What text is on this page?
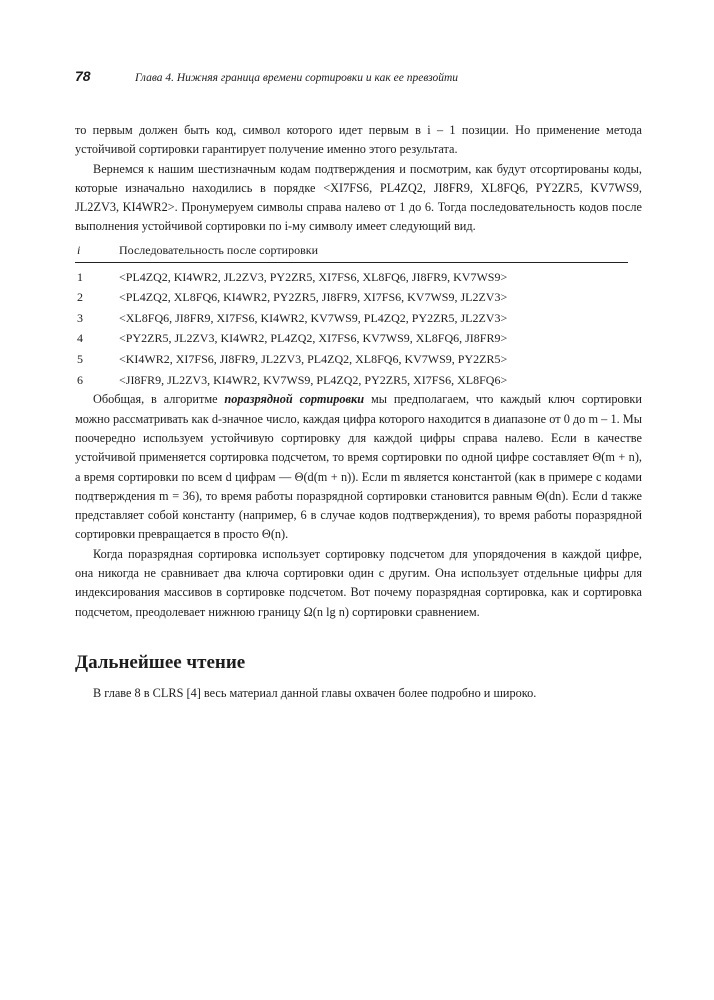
78	Глава 4. Нижняя граница времени сортировки и как ее превзойти

то первым должен быть код, символ которого идет первым в i – 1 позиции. Но применение метода устойчивой сортировки гарантирует получение именно этого результата.

Вернемся к нашим шестизначным кодам подтверждения и посмотрим, как будут отсортированы коды, которые изначально находились в порядке <XI7FS6, PL4ZQ2, JI8FR9, XL8FQ6, PY2ZR5, KV7WS9, JL2ZV3, KI4WR2>. Пронумеруем символы справа налево от 1 до 6. Тогда последовательность кодов после выполнения устойчивой сортировки по i-му символу имеет следующий вид.

i	Последовательность после сортировки
1	<PL4ZQ2, KI4WR2, JL2ZV3, PY2ZR5, XI7FS6, XL8FQ6, JI8FR9, KV7WS9>
2	<PL4ZQ2, XL8FQ6, KI4WR2, PY2ZR5, JI8FR9, XI7FS6, KV7WS9, JL2ZV3>
3	<XL8FQ6, JI8FR9, XI7FS6, KI4WR2, KV7WS9, PL4ZQ2, PY2ZR5, JL2ZV3>
4	<PY2ZR5, JL2ZV3, KI4WR2, PL4ZQ2, XI7FS6, KV7WS9, XL8FQ6, JI8FR9>
5	<KI4WR2, XI7FS6, JI8FR9, JL2ZV3, PL4ZQ2, XL8FQ6, KV7WS9, PY2ZR5>
6	<JI8FR9, JL2ZV3, KI4WR2, KV7WS9, PL4ZQ2, PY2ZR5, XI7FS6, XL8FQ6>

Обобщая, в алгоритме поразрядной сортировки мы предполагаем, что каждый ключ сортировки можно рассматривать как d-значное число, каждая цифра которого находится в диапазоне от 0 до m – 1. Мы поочередно используем устойчивую сортировку для каждой цифры справа налево. Если в качестве устойчивой применяется сортировка подсчетом, то время сортировки по одной цифре составляет Θ(m + n), а время сортировки по всем d цифрам — Θ(d(m + n)). Если m является константой (как в примере с кодами подтверждения m = 36), то время работы поразрядной сортировки становится равным Θ(dn). Если d также представляет собой константу (например, 6 в случае кодов подтверждения), то время работы поразрядной сортировки превращается в просто Θ(n).

Когда поразрядная сортировка использует сортировку подсчетом для упорядочения в каждой цифре, она никогда не сравнивает два ключа сортировки один с другим. Она использует отдельные цифры для индексирования массивов в сортировке подсчетом. Вот почему поразрядная сортировка, как и сортировка подсчетом, преодолевает нижнюю границу Ω(n lg n) сортировки сравнением.

Дальнейшее чтение

В главе 8 в CLRS [4] весь материал данной главы охвачен более подробно и широко.
